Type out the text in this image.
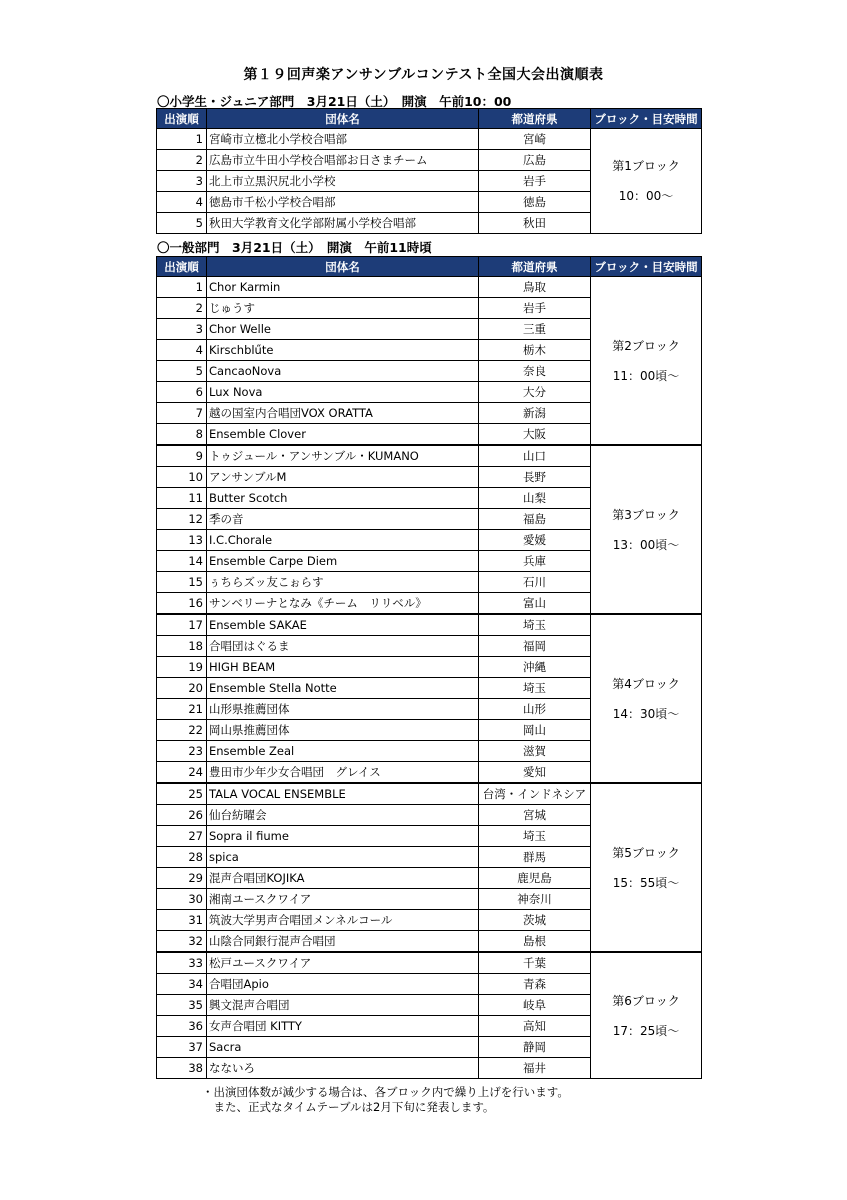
第１９回声楽アンサンブルコンテスト全国大会出演順表
〇小学生・ジュニア部門　3月21日（土）　開演　午前10：00
出演順	団体名	都道府県	ブロック・目安時間
1	宮崎市立檍北小学校合唱部	宮崎	第1ブロック
10：00～

2	広島市立牛田小学校合唱部お日さまチーム	広島	
3	北上市立黒沢尻北小学校	岩手	
4	徳島市千松小学校合唱部	徳島	
5	秋田大学教育文化学部附属小学校合唱部	秋田	
〇一般部門　3月21日（土）　開演　午前11時頃
出演順	団体名	都道府県	ブロック・目安時間
1	Chor Karmin	鳥取	第2ブロック
11：00頃～

2	じゅうす	岩手	
3	Chor Welle	三重	
4	Kirschblűte	栃木	
5	CancaoNova	奈良	
6	Lux Nova	大分	
7	越の国室内合唱団VOX ORATTA	新潟	
8	Ensemble Clover	大阪	
9	トゥジュール・アンサンブル・KUMANO	山口	第3ブロック
13：00頃～

10	アンサンブルM	長野	
11	Butter Scotch	山梨	
12	季の音	福島	
13	I.C.Chorale	愛媛	
14	Ensemble Carpe Diem	兵庫	
15	ぅちらズッ友こぉらす	石川	
16	サンベリーナとなみ《チーム　リリベル》	富山	
17	Ensemble SAKAE	埼玉	第4ブロック
14：30頃～

18	合唱団はぐるま	福岡	
19	HIGH BEAM	沖縄	
20	Ensemble Stella Notte	埼玉	
21	山形県推薦団体	山形	
22	岡山県推薦団体	岡山	
23	Ensemble Zeal	滋賀	
24	豊田市少年少女合唱団　グレイス	愛知	
25	TALA VOCAL ENSEMBLE	台湾・インドネシア	第5ブロック
15：55頃～

26	仙台紡曜会	宮城	
27	Sopra il fiume	埼玉	
28	spica	群馬	
29	混声合唱団KOJIKA	鹿児島	
30	湘南ユースクワイア	神奈川	
31	筑波大学男声合唱団メンネルコール	茨城	
32	山陰合同銀行混声合唱団	島根	
33	松戸ユースクワイア	千葉	第6ブロック
17：25頃～

34	合唱団Apio	青森	
35	興文混声合唱団	岐阜	
36	女声合唱団 KITTY	高知	
37	Sacra	静岡	
38	なないろ	福井	
・出演団体数が減少する場合は、各ブロック内で繰り上げを行います。
　また、正式なタイムテーブルは2月下旬に発表します。
